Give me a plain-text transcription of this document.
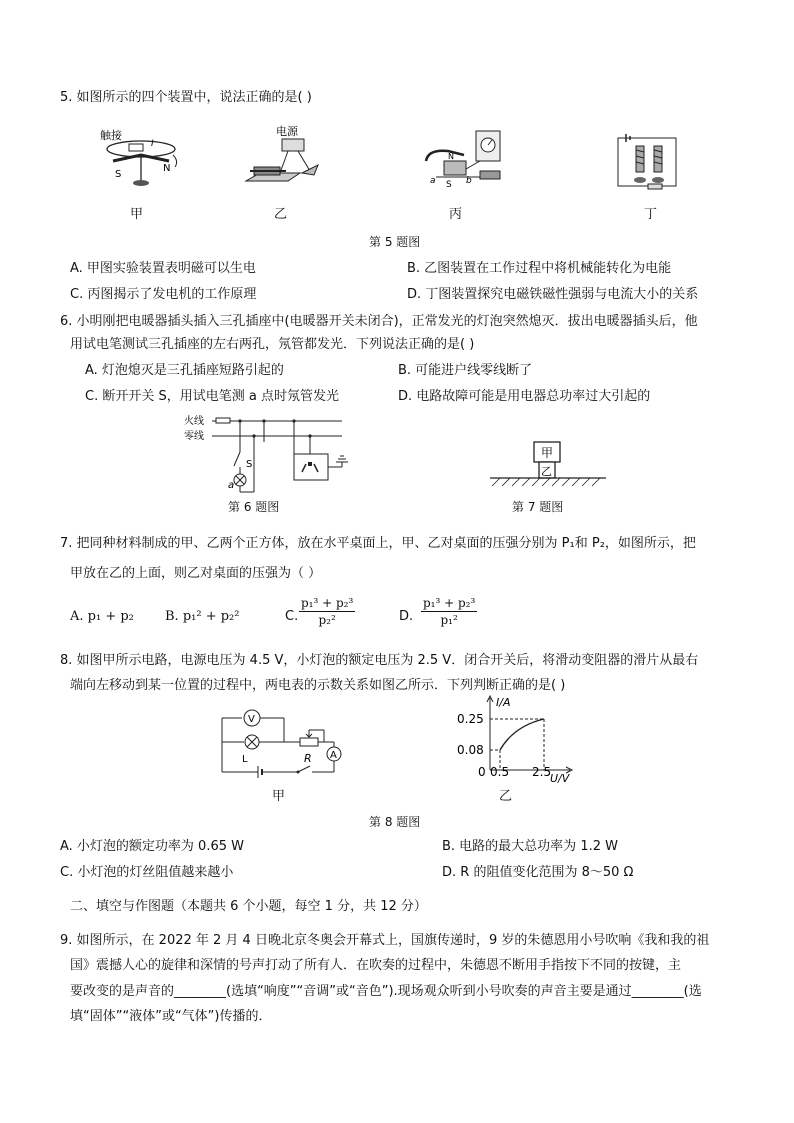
5. 如图所示的四个装置中，说法正确的是( )
触接
I
S
N
电源
N
S
a	b
甲	乙	丙	丁
第 5 题图
A. 甲图实验装置表明磁可以生电	B. 乙图装置在工作过程中将机械能转化为电能
C. 丙图揭示了发电机的工作原理	D. 丁图装置探究电磁铁磁性强弱与电流大小的关系
6. 小明刚把电暖器插头插入三孔插座中(电暖器开关未闭合)，正常发光的灯泡突然熄灭．拔出电暖器插头后，他
用试电笔测试三孔插座的左右两孔，氖管都发光．下列说法正确的是( )
A. 灯泡熄灭是三孔插座短路引起的	B. 可能进户线零线断了
C. 断开开关 S，用试电笔测 a 点时氖管发光	D. 电路故障可能是用电器总功率过大引起的
火线
零线
S
a
第 6 题图
甲
乙
第 7 题图
7. 把同种材料制成的甲、乙两个正方体，放在水平桌面上，甲、乙对桌面的压强分别为 P₁和 P₂，如图所示，把
甲放在乙的上面，则乙对桌面的压强为（ ）
A. p₁ + p₂ B. p₁² + p₂²	C. $\frac{\text{p₁³ + p₂³}}{\text{p₂²}}$	D. $\frac{\text{p₁³ + p₂³}}{\text{p₁²}}$
8. 如图甲所示电路，电源电压为 4.5 V，小灯泡的额定电压为 2.5 V．闭合开关后，将滑动变阻器的滑片从最右
端向左移动到某一位置的过程中，两电表的示数关系如图乙所示．下列判断正确的是( )
V
L	R A
甲
I/A
U/V
0.25
0.08
0 0.5 2.5
乙
第 8 题图
A. 小灯泡的额定功率为 0.65 W	B. 电路的最大总功率为 1.2 W
C. 小灯泡的灯丝阻值越来越小	D. R 的阻值变化范围为 8～50 Ω
二、填空与作图题（本题共 6 个小题，每空 1 分，共 12 分）
9. 如图所示，在 2022 年 2 月 4 日晚北京冬奥会开幕式上，国旗传递时，9 岁的朱德恩用小号吹响《我和我的祖
国》震撼人心的旋律和深情的号声打动了所有人．在吹奏的过程中，朱德恩不断用手指按下不同的按键，主
要改变的是声音的________(选填“响度”“音调”或“音色”).现场观众听到小号吹奏的声音主要是通过________(选
填“固体”“液体”或“气体”)传播的．
